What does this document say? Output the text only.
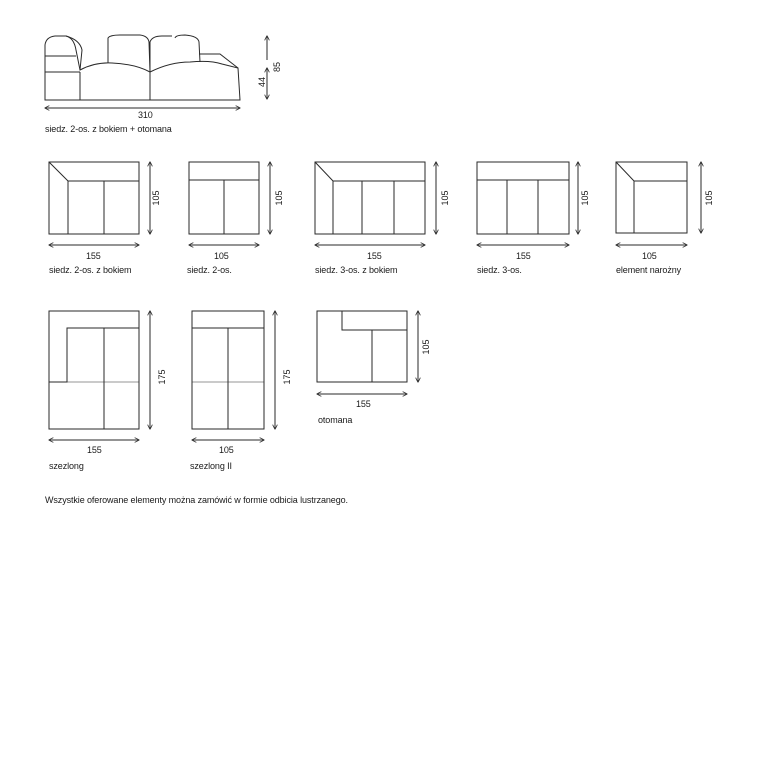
310
44
85
siedz. 2-os. z bokiem + otomana
155
105
siedz. 2-os. z bokiem
105
105
siedz. 2-os.
155
105
siedz. 3-os. z bokiem
155
105
siedz. 3-os.
105
105
element narożny
155
175
szezlong
105
175
szezlong II
155
105
otomana
Wszystkie oferowane elementy można zamówić w formie odbicia lustrzanego.
